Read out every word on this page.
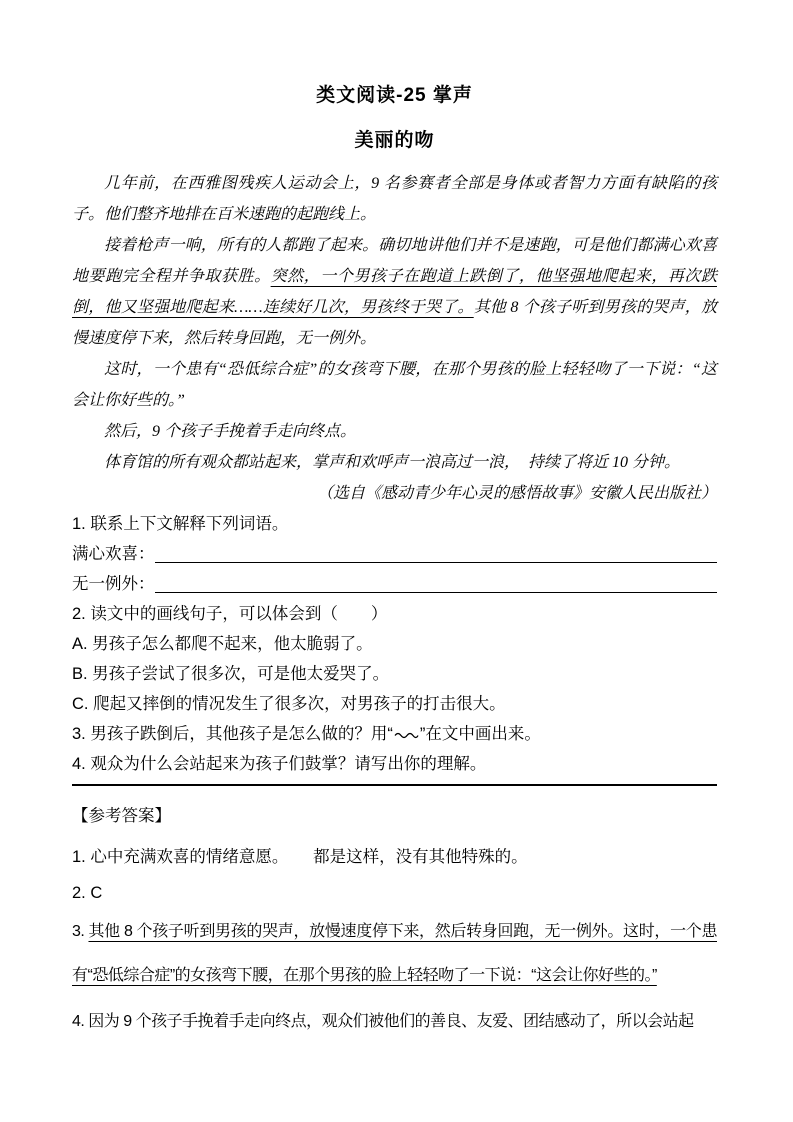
类文阅读-25 掌声
美丽的吻

几年前，在西雅图残疾人运动会上，9 名参赛者全部是身体或者智力方面有缺陷的孩子。他们整齐地排在百米速跑的起跑线上。

接着枪声一响，所有的人都跑了起来。确切地讲他们并不是速跑，可是他们都满心欢喜地要跑完全程并争取获胜。突然，一个男孩子在跑道上跌倒了，他坚强地爬起来，再次跌倒，他又坚强地爬起来……连续好几次，男孩终于哭了。其他 8 个孩子听到男孩的哭声，放慢速度停下来，然后转身回跑，无一例外。

这时，一个患有“恐低综合症”的女孩弯下腰，在那个男孩的脸上轻轻吻了一下说：“这会让你好些的。”

然后，9 个孩子手挽着手走向终点。

体育馆的所有观众都站起来，掌声和欢呼声一浪高过一浪，　持续了将近 10 分钟。

（选自《感动青少年心灵的感悟故事》安徽人民出版社）

1. 联系上下文解释下列词语。

满心欢喜：
无一例外：

2. 读文中的画线句子，可以体会到（　　）

A. 男孩子怎么都爬不起来，他太脆弱了。

B. 男孩子尝试了很多次，可是他太爱哭了。

C. 爬起又摔倒的情况发生了很多次，对男孩子的打击很大。

3. 男孩子跌倒后，其他孩子是怎么做的？用“ ”在文中画出来。

4. 观众为什么会站起来为孩子们鼓掌？请写出你的理解。

【参考答案】

1. 心中充满欢喜的情绪意愿。　　都是这样，没有其他特殊的。

2. C

3. 其他 8 个孩子听到男孩的哭声，放慢速度停下来，然后转身回跑，无一例外。这时，一个患有“恐低综合症”的女孩弯下腰，在那个男孩的脸上轻轻吻了一下说：“这会让你好些的。”

4. 因为 9 个孩子手挽着手走向终点，观众们被他们的善良、友爱、团结感动了，所以会站起
